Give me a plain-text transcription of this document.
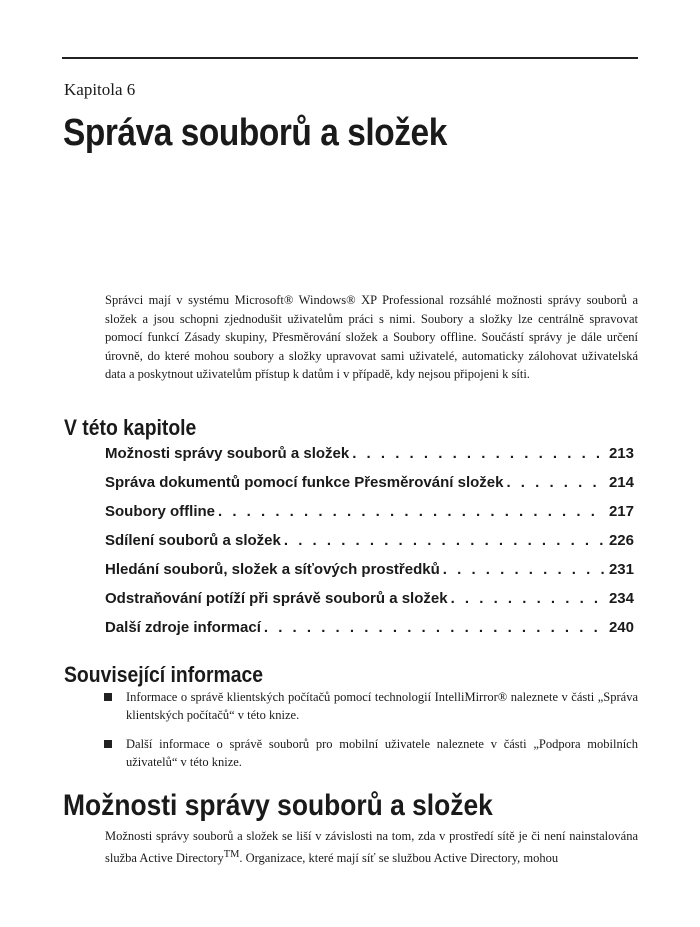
Kapitola 6
Správa souborů a složek

Správci mají v systému Microsoft® Windows® XP Professional rozsáhlé možnosti správy souborů a složek a jsou schopni zjednodušit uživatelům práci s nimi. Soubory a složky lze centrálně spravovat pomocí funkcí Zásady skupiny, Přesměrování složek a Soubory offline. Součástí správy je dále určení úrovně, do které mohou soubory a složky upravovat sami uživatelé, automaticky zálohovat uživatelská data a poskytnout uživatelům přístup k datům i v případě, kdy nejsou připojeni k síti.

V této kapitole
Možnosti správy souborů a složek . . .	213
Správa dokumentů pomocí funkce Přesměrování složek . . .	214
Soubory offline . . .	217
Sdílení souborů a složek . . .	226
Hledání souborů, složek a síťových prostředků . . .	231
Odstraňování potíží při správě souborů a složek . . .	234
Další zdroje informací . . .	240
Související informace
Informace o správě klientských počítačů pomocí technologií IntelliMirror® naleznete v části „Správa klientských počítačů“ v této knize.
Další informace o správě souborů pro mobilní uživatele naleznete v části „Podpora mobilních uživatelů“ v této knize.
Možnosti správy souborů a složek

Možnosti správy souborů a složek se liší v závislosti na tom, zda v prostředí sítě je či není nainstalována služba Active Directory™. Organizace, které mají síť se službou Active Directory, mohou
